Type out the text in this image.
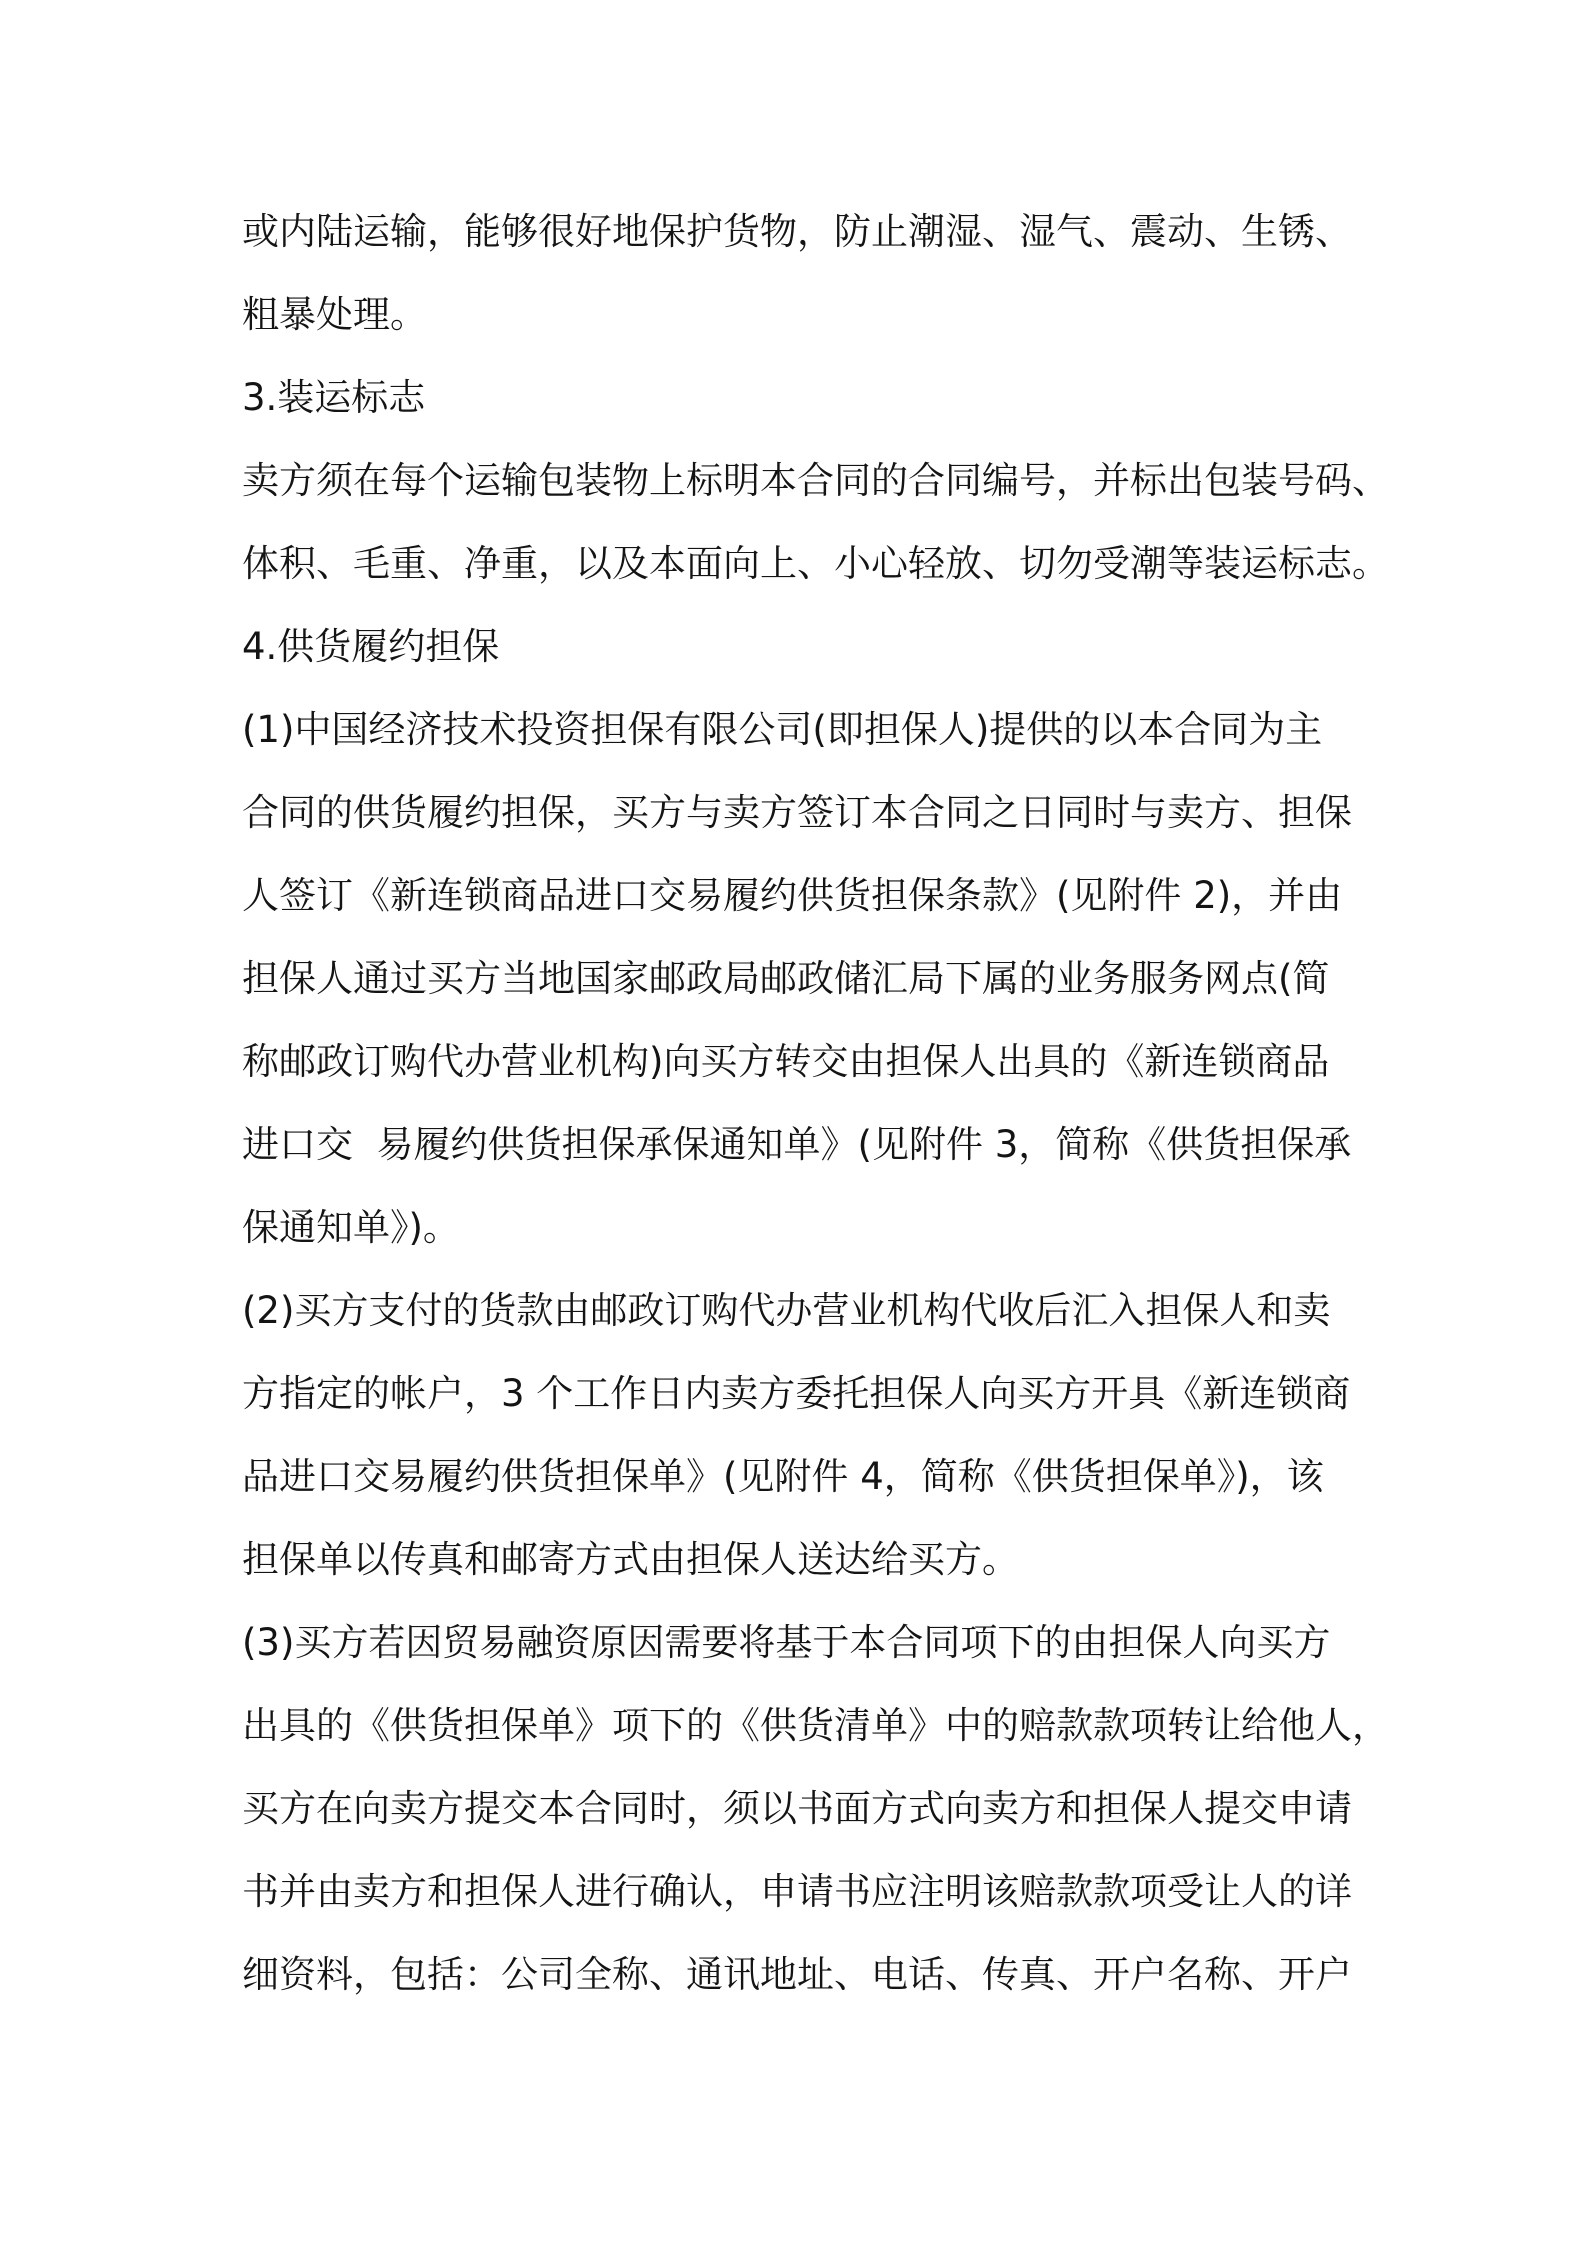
或内陆运输，能够很好地保护货物，防止潮湿、湿气、震动、生锈、
粗暴处理。
3.装运标志
卖方须在每个运输包装物上标明本合同的合同编号，并标出包装号码、
体积、毛重、净重，以及本面向上、小心轻放、切勿受潮等装运标志。
4.供货履约担保
(1)中国经济技术投资担保有限公司(即担保人)提供的以本合同为主
合同的供货履约担保，买方与卖方签订本合同之日同时与卖方、担保
人签订《新连锁商品进口交易履约供货担保条款》(见附件 2)，并由
担保人通过买方当地国家邮政局邮政储汇局下属的业务服务网点(简
称邮政订购代办营业机构)向买方转交由担保人出具的《新连锁商品
进口交  易履约供货担保承保通知单》(见附件 3，简称《供货担保承
保通知单》)。
(2)买方支付的货款由邮政订购代办营业机构代收后汇入担保人和卖
方指定的帐户，3 个工作日内卖方委托担保人向买方开具《新连锁商
品进口交易履约供货担保单》(见附件 4，简称《供货担保单》)，该
担保单以传真和邮寄方式由担保人送达给买方。
(3)买方若因贸易融资原因需要将基于本合同项下的由担保人向买方
出具的《供货担保单》项下的《供货清单》中的赔款款项转让给他人，
买方在向卖方提交本合同时，须以书面方式向卖方和担保人提交申请
书并由卖方和担保人进行确认，申请书应注明该赔款款项受让人的详
细资料，包括：公司全称、通讯地址、电话、传真、开户名称、开户
